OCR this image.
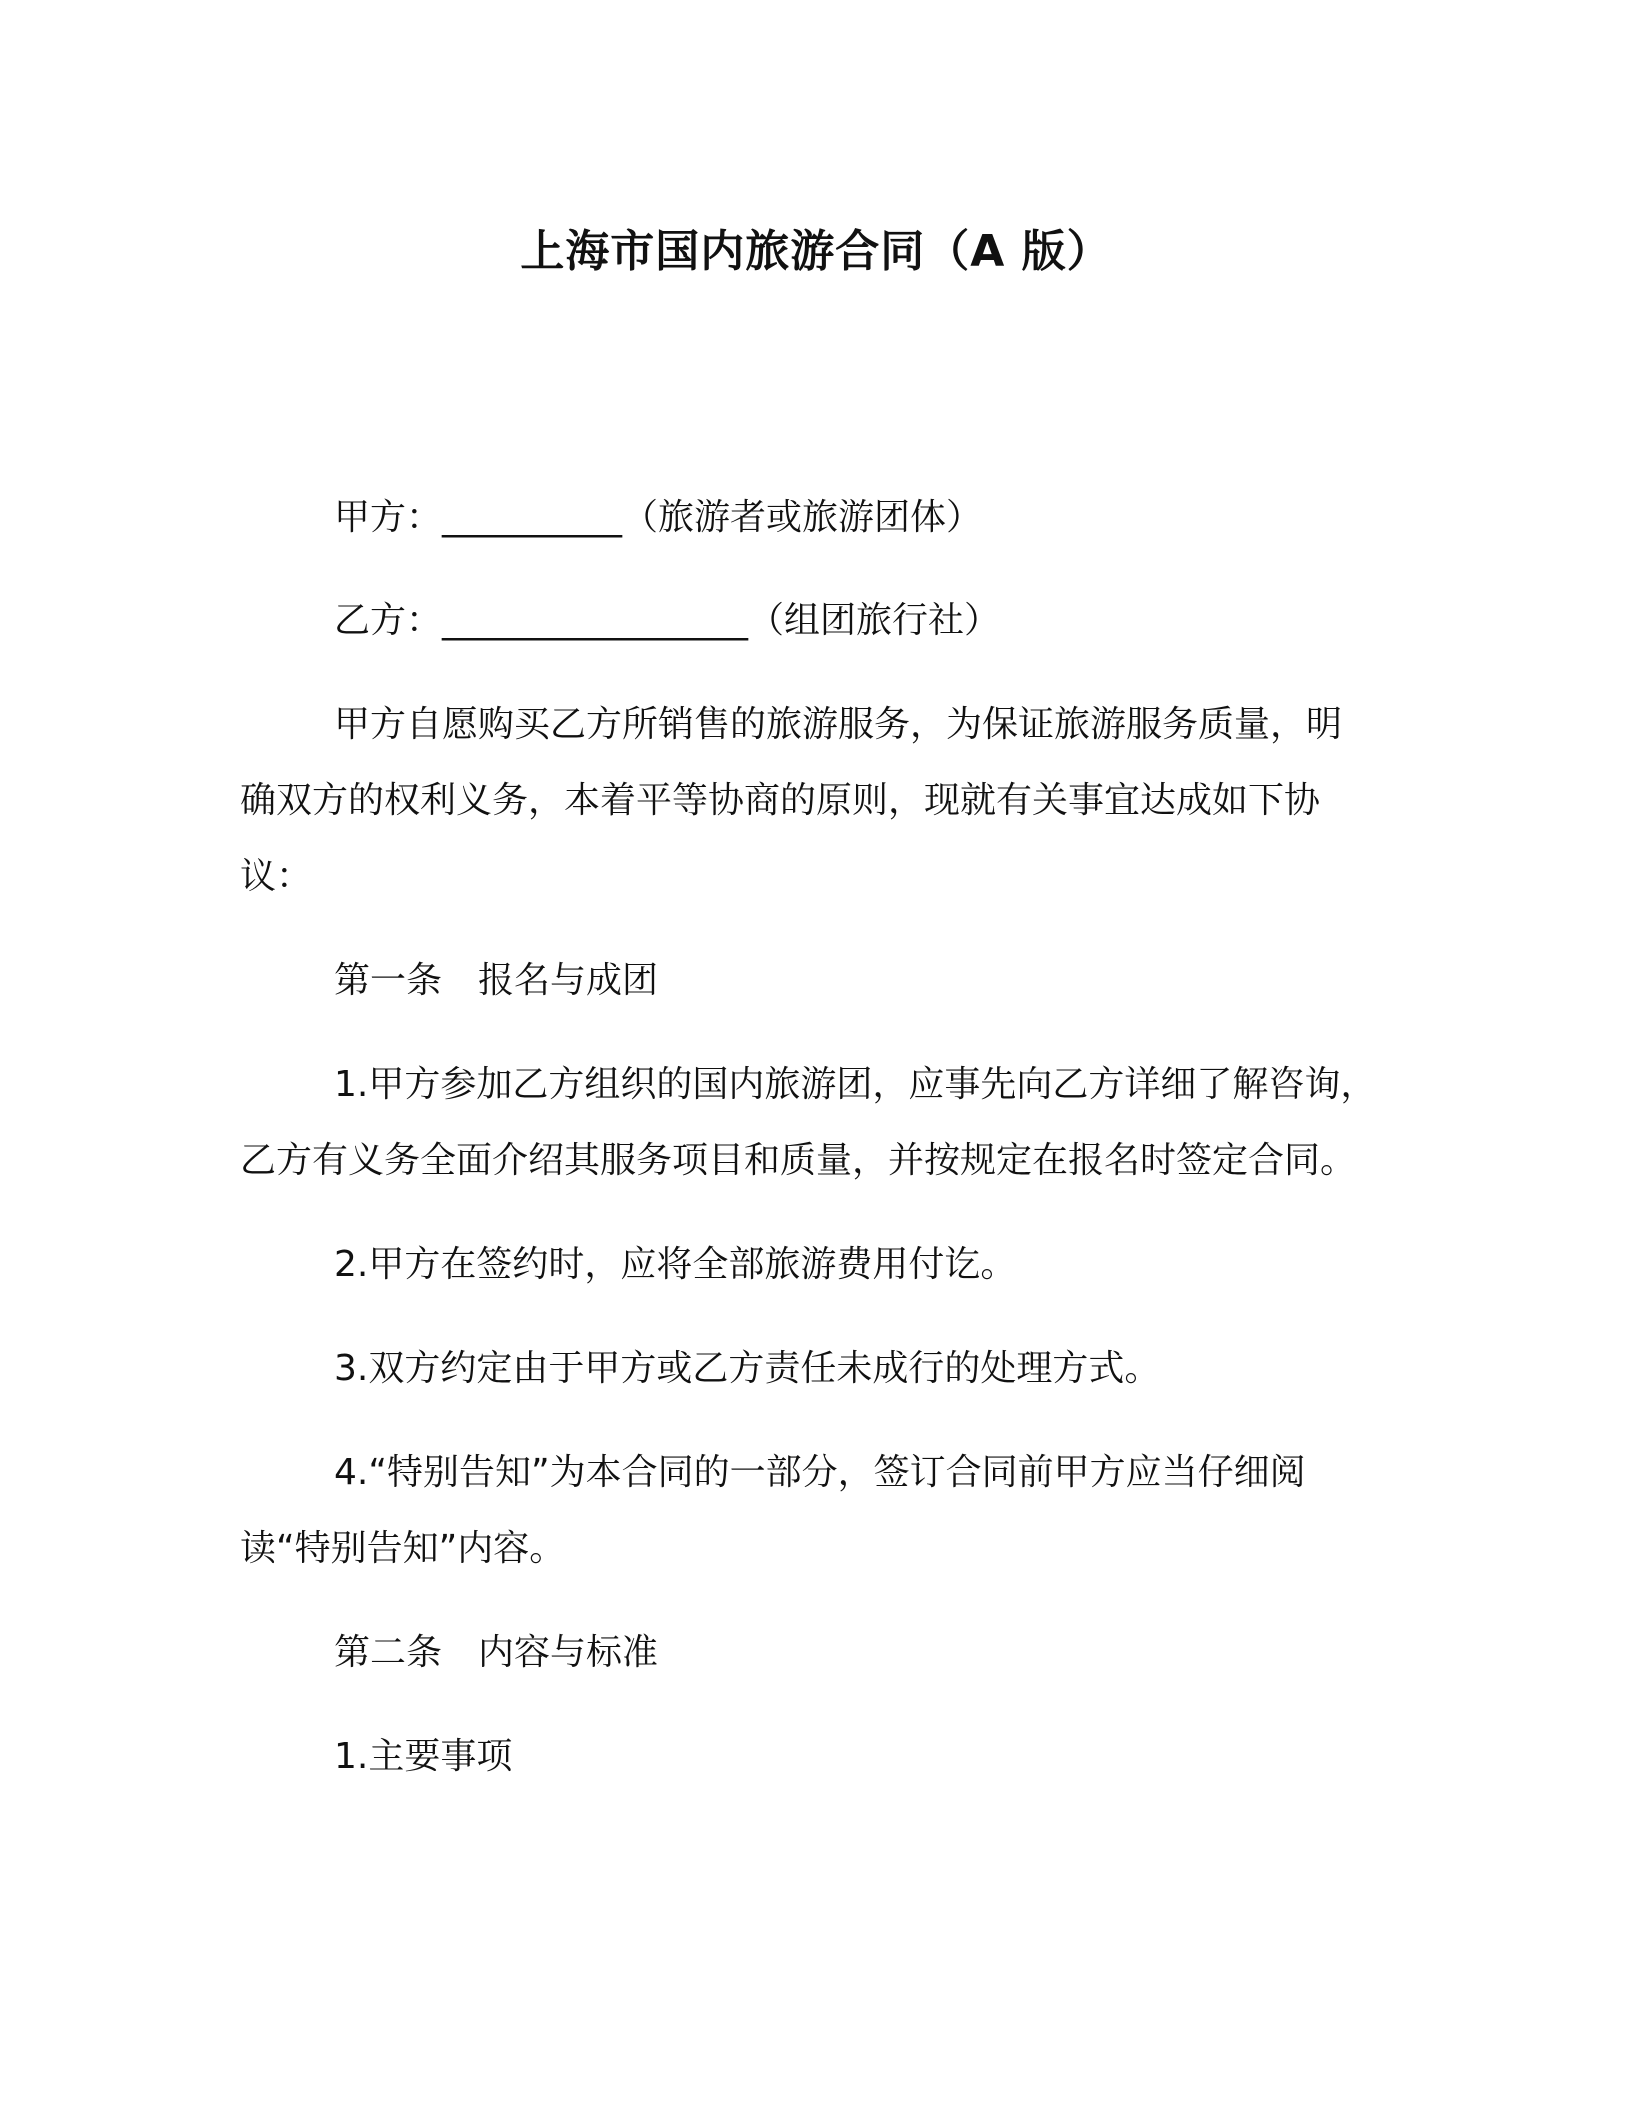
上海市国内旅游合同（A 版）
甲方：__________（旅游者或旅游团体）
乙方：_________________（组团旅行社）
甲方自愿购买乙方所销售的旅游服务，为保证旅游服务质量，明
确双方的权利义务，本着平等协商的原则，现就有关事宜达成如下协
议：
第一条　报名与成团
1.甲方参加乙方组织的国内旅游团，应事先向乙方详细了解咨询，
乙方有义务全面介绍其服务项目和质量，并按规定在报名时签定合同。
2.甲方在签约时，应将全部旅游费用付讫。
3.双方约定由于甲方或乙方责任未成行的处理方式。
4.“特别告知”为本合同的一部分，签订合同前甲方应当仔细阅
读“特别告知”内容。
第二条　内容与标准
1.主要事项
